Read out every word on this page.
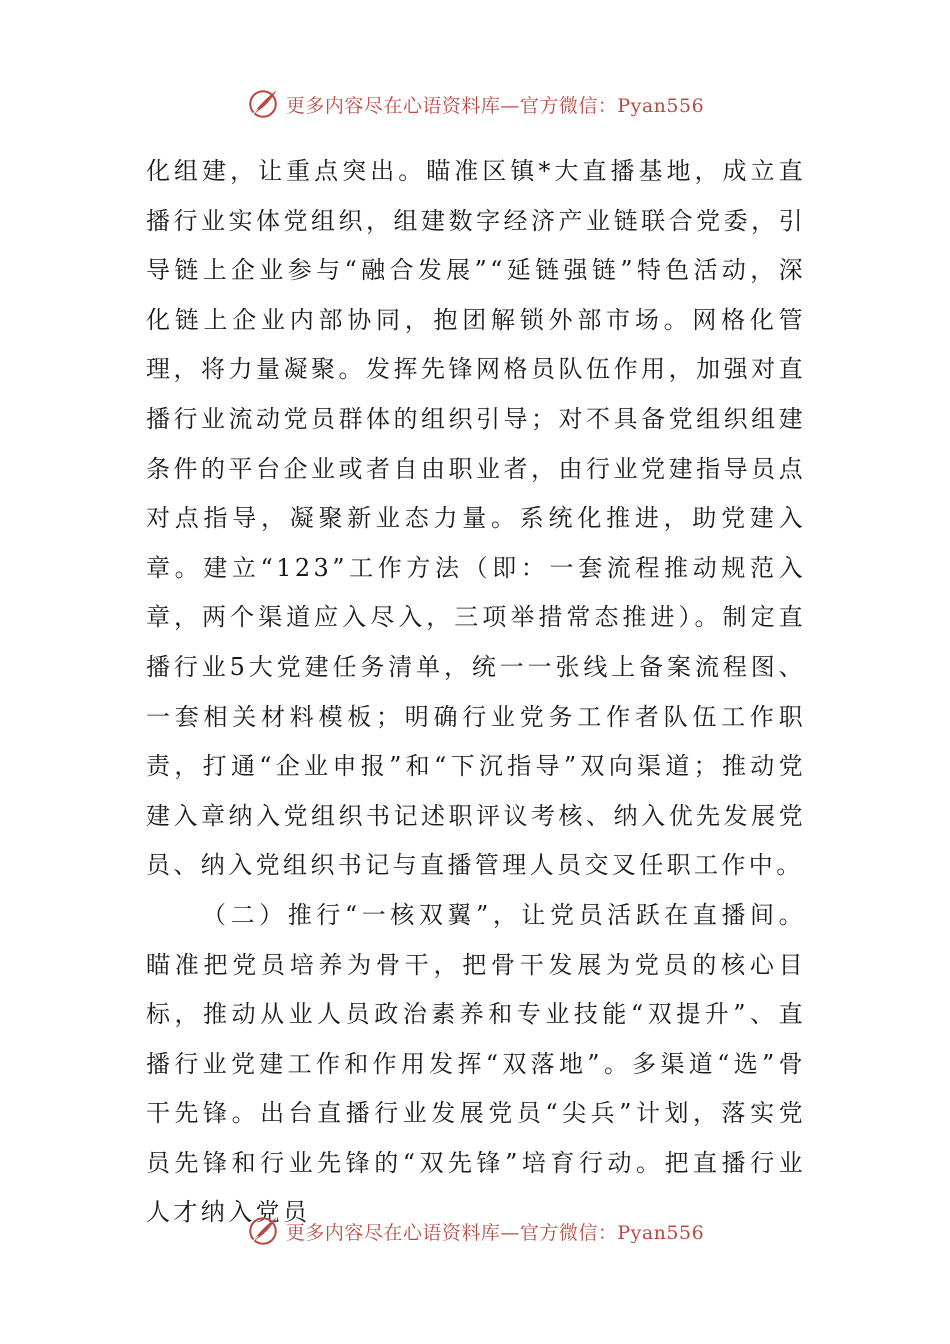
更多内容尽在心语资料库—官方微信：Pyan556

化组建，让重点突出。瞄准区镇*大直播基地，成立直播行业实体党组织，组建数字经济产业链联合党委，引导链上企业参与“融合发展”“延链强链”特色活动，深化链上企业内部协同，抱团解锁外部市场。网格化管理，将力量凝聚。发挥先锋网格员队伍作用，加强对直播行业流动党员群体的组织引导；对不具备党组织组建条件的平台企业或者自由职业者，由行业党建指导员点对点指导，凝聚新业态力量。系统化推进，助党建入章。建立“123”工作方法（即：一套流程推动规范入章，两个渠道应入尽入，三项举措常态推进）。制定直播行业5大党建任务清单，统一一张线上备案流程图、一套相关材料模板；明确行业党务工作者队伍工作职责，打通“企业申报”和“下沉指导”双向渠道；推动党建入章纳入党组织书记述职评议考核、纳入优先发展党员、纳入党组织书记与直播管理人员交叉任职工作中。

（二）推行“一核双翼”，让党员活跃在直播间。瞄准把党员培养为骨干，把骨干发展为党员的核心目标，推动从业人员政治素养和专业技能“双提升”、直播行业党建工作和作用发挥“双落地”。多渠道“选”骨干先锋。出台直播行业发展党员“尖兵”计划，落实党员先锋和行业先锋的“双先锋”培育行动。把直播行业人才纳入党员

更多内容尽在心语资料库—官方微信：Pyan556
